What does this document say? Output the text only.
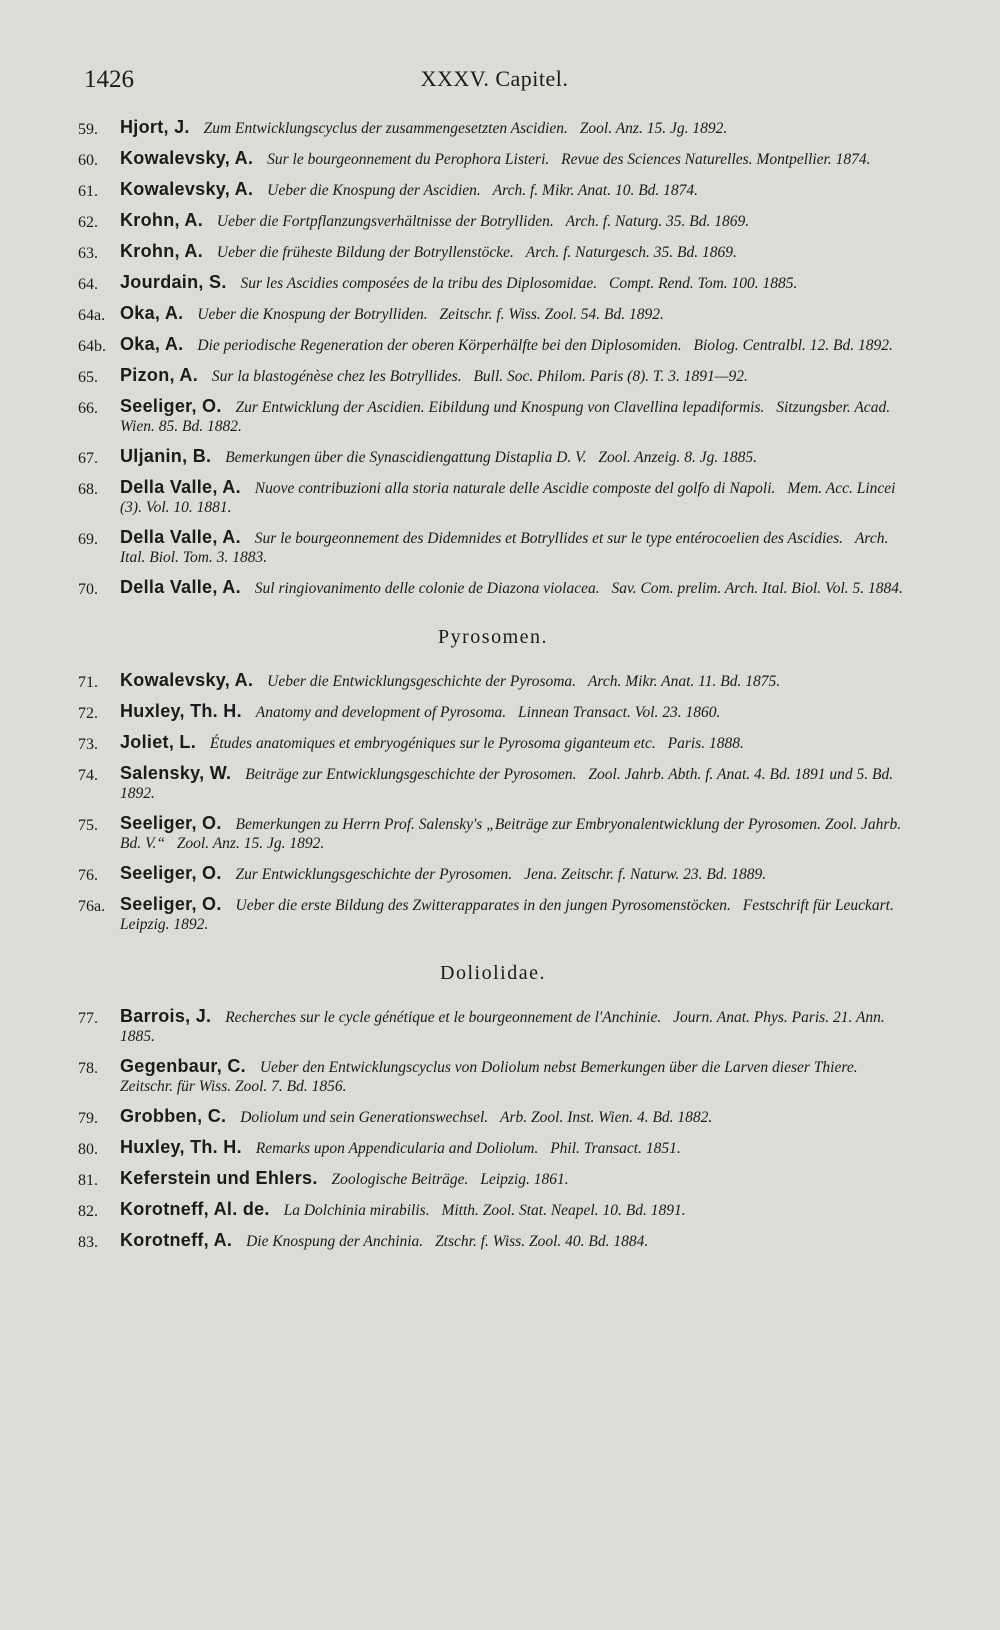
1426	XXXV. Capitel.
59. Hjort, J. Zum Entwicklungscyclus der zusammengesetzten Ascidien. Zool. Anz. 15. Jg. 1892.
60. Kowalevsky, A. Sur le bourgeonnement du Perophora Listeri. Revue des Sciences Naturelles. Montpellier. 1874.
61. Kowalevsky, A. Ueber die Knospung der Ascidien. Arch. f. Mikr. Anat. 10. Bd. 1874.
62. Krohn, A. Ueber die Fortpflanzungsverhältnisse der Botrylliden. Arch. f. Naturg. 35. Bd. 1869.
63. Krohn, A. Ueber die früheste Bildung der Botryllenstöcke. Arch. f. Naturgesch. 35. Bd. 1869.
64. Jourdain, S. Sur les Ascidies composées de la tribu des Diplosomidae. Compt. Rend. Tom. 100. 1885.
64a. Oka, A. Ueber die Knospung der Botrylliden. Zeitschr. f. Wiss. Zool. 54. Bd. 1892.
64b. Oka, A. Die periodische Regeneration der oberen Körperhälfte bei den Diplosomiden. Biolog. Centralbl. 12. Bd. 1892.
65. Pizon, A. Sur la blastogénèse chez les Botryllides. Bull. Soc. Philom. Paris (8). T. 3. 1891—92.
66. Seeliger, O. Zur Entwicklung der Ascidien. Eibildung und Knospung von Clavellina lepadiformis. Sitzungsber. Acad. Wien. 85. Bd. 1882.
67. Uljanin, B. Bemerkungen über die Synascidiengattung Distaplia D. V. Zool. Anzeig. 8. Jg. 1885.
68. Della Valle, A. Nuove contribuzioni alla storia naturale delle Ascidie composte del golfo di Napoli. Mem. Acc. Lincei (3). Vol. 10. 1881.
69. Della Valle, A. Sur le bourgeonnement des Didemnides et Botryllides et sur le type entérocoelien des Ascidies. Arch. Ital. Biol. Tom. 3. 1883.
70. Della Valle, A. Sul ringiovanimento delle colonie de Diazona violacea. Sav. Com. prelim. Arch. Ital. Biol. Vol. 5. 1884.
Pyrosomen.
71. Kowalevsky, A. Ueber die Entwicklungsgeschichte der Pyrosoma. Arch. Mikr. Anat. 11. Bd. 1875.
72. Huxley, Th. H. Anatomy and development of Pyrosoma. Linnean Transact. Vol. 23. 1860.
73. Joliet, L. Études anatomiques et embryogéniques sur le Pyrosoma giganteum etc. Paris. 1888.
74. Salensky, W. Beiträge zur Entwicklungsgeschichte der Pyrosomen. Zool. Jahrb. Abth. f. Anat. 4. Bd. 1891 und 5. Bd. 1892.
75. Seeliger, O. Bemerkungen zu Herrn Prof. Salensky's „Beiträge zur Embryonalentwicklung der Pyrosomen. Zool. Jahrb. Bd. V.“ Zool. Anz. 15. Jg. 1892.
76. Seeliger, O. Zur Entwicklungsgeschichte der Pyrosomen. Jena. Zeitschr. f. Naturw. 23. Bd. 1889.
76a. Seeliger, O. Ueber die erste Bildung des Zwitterapparates in den jungen Pyrosomenstöcken. Festschrift für Leuckart. Leipzig. 1892.
Doliolidae.
77. Barrois, J. Recherches sur le cycle génétique et le bourgeonnement de l'Anchinie. Journ. Anat. Phys. Paris. 21. Ann. 1885.
78. Gegenbaur, C. Ueber den Entwicklungscyclus von Doliolum nebst Bemerkungen über die Larven dieser Thiere. Zeitschr. für Wiss. Zool. 7. Bd. 1856.
79. Grobben, C. Doliolum und sein Generationswechsel. Arb. Zool. Inst. Wien. 4. Bd. 1882.
80. Huxley, Th. H. Remarks upon Appendicularia and Doliolum. Phil. Transact. 1851.
81. Keferstein und Ehlers. Zoologische Beiträge. Leipzig. 1861.
82. Korotneff, Al. de. La Dolchinia mirabilis. Mitth. Zool. Stat. Neapel. 10. Bd. 1891.
83. Korotneff, A. Die Knospung der Anchinia. Ztschr. f. Wiss. Zool. 40. Bd. 1884.
